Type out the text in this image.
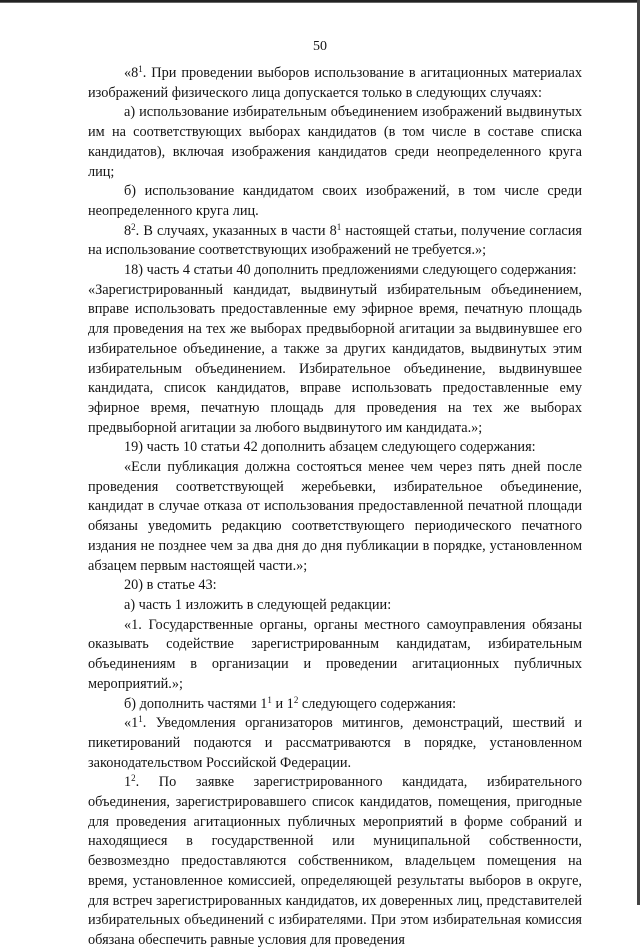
50

«$8^1$. При проведении выборов использование в агитационных материалах изображений физического лица допускается только в следующих случаях:

а) использование избирательным объединением изображений выдвинутых им на соответствующих выборах кандидатов (в том числе в составе списка кандидатов), включая изображения кандидатов среди неопределенного круга лиц;

б) использование кандидатом своих изображений, в том числе среди неопределенного круга лиц.

$8^2$. В случаях, указанных в части $8^1$ настоящей статьи, получение согласия на использование соответствующих изображений не требуется.»;

18) часть 4 статьи 40 дополнить предложениями следующего содержания:

«Зарегистрированный кандидат, выдвинутый избирательным объединением, вправе использовать предоставленные ему эфирное время, печатную площадь для проведения на тех же выборах предвыборной агитации за выдвинувшее его избирательное объединение, а также за других кандидатов, выдвинутых этим избирательным объединением. Избирательное объединение, выдвинувшее кандидата, список кандидатов, вправе использовать предоставленные ему эфирное время, печатную площадь для проведения на тех же выборах предвыборной агитации за любого выдвинутого им кандидата.»;

19) часть 10 статьи 42 дополнить абзацем следующего содержания:

«Если публикация должна состояться менее чем через пять дней после проведения соответствующей жеребьевки, избирательное объединение, кандидат в случае отказа от использования предоставленной печатной площади обязаны уведомить редакцию соответствующего периодического печатного издания не позднее чем за два дня до дня публикации в порядке, установленном абзацем первым настоящей части.»;

20) в статье 43:

а) часть 1 изложить в следующей редакции:

«1. Государственные органы, органы местного самоуправления обязаны оказывать содействие зарегистрированным кандидатам, избирательным объединениям в организации и проведении агитационных публичных мероприятий.»;

б) дополнить частями $1^1$ и $1^2$ следующего содержания:

«$1^1$. Уведомления организаторов митингов, демонстраций, шествий и пикетирований подаются и рассматриваются в порядке, установленном законодательством Российской Федерации.

$1^2$. По заявке зарегистрированного кандидата, избирательного объединения, зарегистрировавшего список кандидатов, помещения, пригодные для проведения агитационных публичных мероприятий в форме собраний и находящиеся в государственной или муниципальной собственности, безвозмездно предоставляются собственником, владельцем помещения на время, установленное комиссией, определяющей результаты выборов в округе, для встреч зарегистрированных кандидатов, их доверенных лиц, представителей избирательных объединений с избирателями. При этом избирательная комиссия обязана обеспечить равные условия для проведения
